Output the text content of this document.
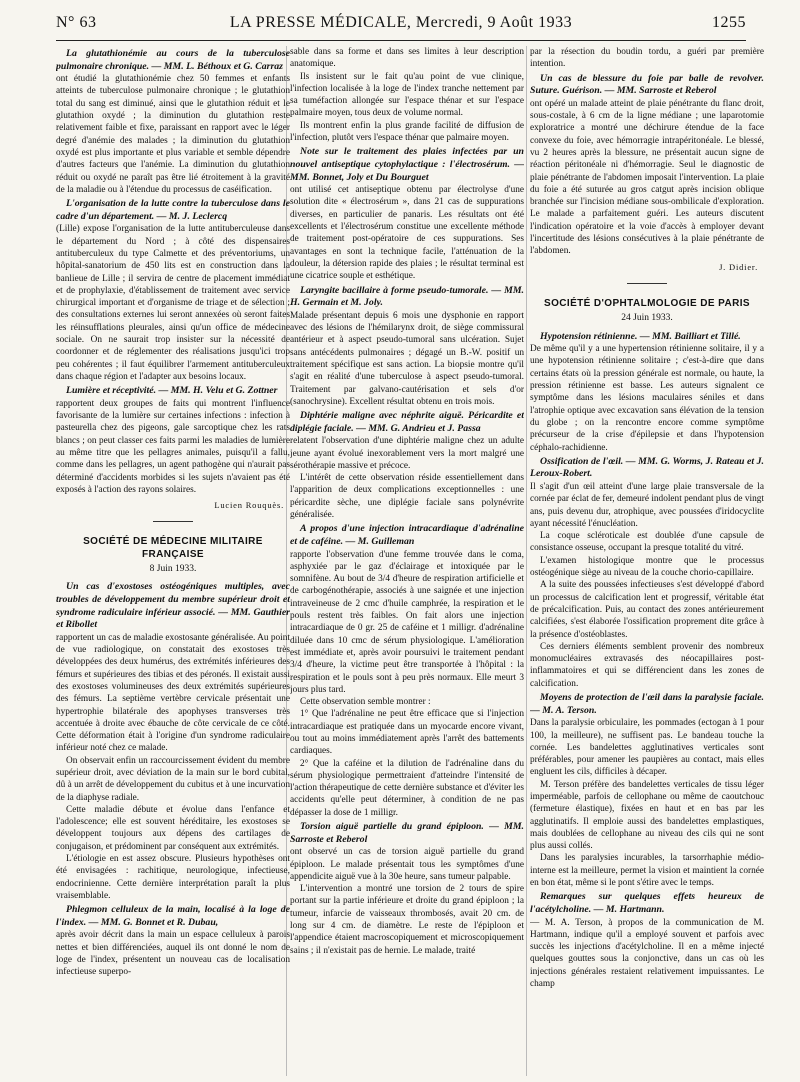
N° 63	LA PRESSE MÉDICALE, Mercredi, 9 Août 1933	1255

La glutathionémie au cours de la tuberculose pulmonaire chronique. — MM. L. Béthoux et G. Carraz

ont étudié la glutathionémie chez 50 femmes et enfants atteints de tuberculose pulmonaire chronique ; le glutathion total du sang est diminué, ainsi que le glutathion réduit et le glutathion oxydé ; la diminution du glutathion reste relativement faible et fixe, paraissant en rapport avec le léger degré d'anémie des malades ; la diminution du glutathion oxydé est plus importante et plus variable et semble dépendre d'autres facteurs que l'anémie. La diminution du glutathion réduit ou oxydé ne paraît pas être lié étroitement à la gravité de la maladie ou à l'étendue du processus de caséification.

L'organisation de la lutte contre la tuberculose dans le cadre d'un département. — M. J. Leclercq

(Lille) expose l'organisation de la lutte antituberculeuse dans le département du Nord ; à côté des dispensaires antituberculeux du type Calmette et des préventoriums, un hôpital-sanatorium de 450 lits est en construction dans la banlieue de Lille ; il servira de centre de placement immédiat et de prophylaxie, d'établissement de traitement avec service chirurgical important et d'organisme de triage et de sélection ; des consultations externes lui seront annexées où seront faites les réinsufflations pleurales, ainsi qu'un office de médecine sociale. On ne saurait trop insister sur la nécessité de coordonner et de réglementer des réalisations jusqu'ici trop peu cohérentes ; il faut équilibrer l'armement antituberculeux dans chaque région et l'adapter aux besoins locaux.

Lumière et réceptivité. — MM. H. Velu et G. Zottner

rapportent deux groupes de faits qui montrent l'influence favorisante de la lumière sur certaines infections : infection à pasteurella chez des pigeons, gale sarcoptique chez les rats blancs ; on peut classer ces faits parmi les maladies de lumière au même titre que les pellagres animales, puisqu'il a fallu, comme dans les pellagres, un agent pathogène qui n'aurait pas déterminé d'accidents morbides si les sujets n'avaient pas été exposés à l'action des rayons solaires.

Lucien Rouquès.
SOCIÉTÉ DE MÉDECINE MILITAIRE FRANÇAISE
8 Juin 1933.

Un cas d'exostoses ostéogéniques multiples, avec troubles de développement du membre supérieur droit et syndrome radiculaire inférieur associé. — MM. Gauthier et Ribollet

rapportent un cas de maladie exostosante généralisée. Au point de vue radiologique, on constatait des exostoses très développées des deux humérus, des extrémités inférieures des fémurs et supérieures des tibias et des péronés. Il existait aussi des exostoses volumineuses des deux extrémités supérieures des fémurs. La septième vertèbre cervicale présentait une hypertrophie bilatérale des apophyses transverses très accentuée à droite avec ébauche de côte cervicale de ce côté. Cette déformation était à l'origine d'un syndrome radiculaire inférieur noté chez ce malade.

On observait enfin un raccourcissement évident du membre supérieur droit, avec déviation de la main sur le bord cubital, dû à un arrêt de développement du cubitus et à une incurvation de la diaphyse radiale.

Cette maladie débute et évolue dans l'enfance et l'adolescence; elle est souvent héréditaire, les exostoses se développent toujours aux dépens des cartilages de conjugaison, et prédominent par conséquent aux extrémités.

L'étiologie en est assez obscure. Plusieurs hypothèses ont été envisagées : rachitique, neurologique, infectieuse, endocrinienne. Cette dernière interprétation paraît la plus vraisemblable.

Phlegmon celluleux de la main, localisé à la loge de l'index. — MM. G. Bonnet et R. Dubau,

après avoir décrit dans la main un espace celluleux à parois nettes et bien différenciées, auquel ils ont donné le nom de loge de l'index, présentent un nouveau cas de localisation infectieuse superpo-

sable dans sa forme et dans ses limites à leur description anatomique.

Ils insistent sur le fait qu'au point de vue clinique, l'infection localisée à la loge de l'index tranche nettement par sa tuméfaction allongée sur l'espace thénar et sur l'espace palmaire moyen, tous deux de volume normal.

Ils montrent enfin la plus grande facilité de diffusion de l'infection, plutôt vers l'espace thénar que palmaire moyen.

Note sur le traitement des plaies infectées par un nouvel antiseptique cytophylactique : l'électrosérum. — MM. Bonnet, Joly et Du Bourguet

ont utilisé cet antiseptique obtenu par électrolyse d'une solution dite « électrosérum », dans 21 cas de suppurations diverses, en particulier de panaris. Les résultats ont été excellents et l'électrosérum constitue une excellente méthode de traitement post-opératoire de ces suppurations. Ses avantages en sont la technique facile, l'atténuation de la douleur, la détersion rapide des plaies ; le résultat terminal est une cicatrice souple et esthétique.

Laryngite bacillaire à forme pseudo-tumorale. — MM. H. Germain et M. Joly.

Malade présentant depuis 6 mois une dysphonie en rapport avec des lésions de l'hémilarynx droit, de siège commissural antérieur et à aspect pseudo-tumoral sans ulcération. Sujet sans antécédents pulmonaires ; dégagé un B.-W. positif un traitement spécifique est sans action. La biopsie montre qu'il s'agit en réalité d'une tuberculose à aspect pseudo-tumoral. Traitement par galvano-cautérisation et sels d'or (sanochrysine). Excellent résultat obtenu en trois mois.

Diphtérie maligne avec néphrite aiguë. Péricardite et diplégie faciale. — MM. G. Andrieu et J. Passa

relatent l'observation d'une diphtérie maligne chez un adulte jeune ayant évolué inexorablement vers la mort malgré une sérothérapie massive et précoce.

L'intérêt de cette observation réside essentiellement dans l'apparition de deux complications exceptionnelles : une péricardite sèche, une diplégie faciale sans polynévrite généralisée.

A propos d'une injection intracardiaque d'adrénaline et de caféine. — M. Guilleman

rapporte l'observation d'une femme trouvée dans le coma, asphyxiée par le gaz d'éclairage et intoxiquée par le somnifène. Au bout de 3/4 d'heure de respiration artificielle et de carbogénothérapie, associés à une saignée et une injection intraveineuse de 2 cmc d'huile camphrée, la respiration et le pouls restent très faibles. On fait alors une injection intracardiaque de 0 gr. 25 de caféine et 1 milligr. d'adrénaline diluée dans 10 cmc de sérum physiologique. L'amélioration est immédiate et, après avoir poursuivi le traitement pendant 3/4 d'heure, la victime peut être transportée à l'hôpital : la respiration et le pouls sont à peu près normaux. Elle meurt 3 jours plus tard.

Cette observation semble montrer :

1° Que l'adrénaline ne peut être efficace que si l'injection intracardiaque est pratiquée dans un myocarde encore vivant, ou tout au moins immédiatement après l'arrêt des battements cardiaques.

2° Que la caféine et la dilution de l'adrénaline dans du sérum physiologique permettraient d'atteindre l'intensité de l'action thérapeutique de cette dernière substance et d'éviter les accidents qu'elle peut déterminer, à condition de ne pas dépasser la dose de 1 milligr.

Torsion aiguë partielle du grand épiploon. — MM. Sarroste et Reberol

ont observé un cas de torsion aiguë partielle du grand épiploon. Le malade présentait tous les symptômes d'une appendicite aiguë vue à la 30e heure, sans tumeur palpable.

L'intervention a montré une torsion de 2 tours de spire portant sur la partie inférieure et droite du grand épiploon ; la tumeur, infarcie de vaisseaux thrombosés, avait 20 cm. de long sur 4 cm. de diamètre. Le reste de l'épiploon et l'appendice étaient macroscopiquement et microscopiquement sains ; il n'existait pas de hernie. Le malade, traité

par la résection du boudin tordu, a guéri par première intention.

Un cas de blessure du foie par balle de revolver. Suture. Guérison. — MM. Sarroste et Reberol

ont opéré un malade atteint de plaie pénétrante du flanc droit, sous-costale, à 6 cm de la ligne médiane ; une laparotomie exploratrice a montré une déchirure étendue de la face convexe du foie, avec hémorragie intrapéritonéale. Le blessé, vu 2 heures après la blessure, ne présentait aucun signe de réaction péritonéale ni d'hémorragie. Seul le diagnostic de plaie pénétrante de l'abdomen imposait l'intervention. La plaie du foie a été suturée au gros catgut après incision oblique branchée sur l'incision médiane sous-ombilicale d'exploration. Le malade a parfaitement guéri. Les auteurs discutent l'indication opératoire et la voie d'accès à employer devant l'incertitude des lésions consécutives à la plaie pénétrante de l'abdomen.

J. Didier.
SOCIÉTÉ D'OPHTALMOLOGIE DE PARIS
24 Juin 1933.

Hypotension rétinienne. — MM. Bailliart et Tillé.

De même qu'il y a une hypertension rétinienne solitaire, il y a une hypotension rétinienne solitaire ; c'est-à-dire que dans certains états où la pression générale est normale, ou haute, la pression rétinienne est basse. Les auteurs signalent ce symptôme dans les lésions maculaires séniles et dans l'atrophie optique avec excavation sans élévation de la tension du globe ; on la rencontre encore comme symptôme précurseur de la crise d'épilepsie et dans l'hypotension céphalo-rachidienne.

Ossification de l'œil. — MM. G. Worms, J. Rateau et J. Leroux-Robert.

Il s'agit d'un œil atteint d'une large plaie transversale de la cornée par éclat de fer, demeuré indolent pendant plus de vingt ans, puis devenu dur, atrophique, avec poussées d'iridocyclite ayant nécessité l'énucléation.

La coque scléroticale est doublée d'une capsule de consistance osseuse, occupant la presque totalité du vitré.

L'examen histologique montre que le processus ostéogénique siège au niveau de la couche chorio-capillaire.

A la suite des poussées infectieuses s'est développé d'abord un processus de calcification lent et progressif, véritable état de précalcification. Puis, au contact des zones antérieurement calcifiées, s'est élaborée l'ossification proprement dite grâce à la présence d'ostéoblastes.

Ces derniers éléments semblent provenir des nombreux monomucléaires extravasés des néocapillaires post-inflammatoires et qui se différencient dans les zones de calcification.

Moyens de protection de l'œil dans la paralysie faciale. — M. A. Terson.

Dans la paralysie orbiculaire, les pommades (ectogan à 1 pour 100, la meilleure), ne suffisent pas. Le bandeau touche la cornée. Les bandelettes agglutinatives verticales sont préférables, pour amener les paupières au contact, mais elles engluent les cils, difficiles à décaper.

M. Terson préfère des bandelettes verticales de tissu léger imperméable, parfois de cellophane ou même de caoutchouc (fermeture élastique), fixées en haut et en bas par les agglutinatifs. Il emploie aussi des bandelettes emplastiques, mais doublées de cellophane au niveau des cils qui ne sont plus aussi collés.

Dans les paralysies incurables, la tarsorrhaphie médio-interne est la meilleure, permet la vision et maintient la cornée en bon état, même si le pont s'étire avec le temps.

Remarques sur quelques effets heureux de l'acétylcholine. — M. Hartmann.

— M. A. Terson, à propos de la communication de M. Hartmann, indique qu'il a employé souvent et parfois avec succès les injections d'acétylcholine. Il en a même injecté quelques gouttes sous la conjonctive, dans un cas où les injections générales restaient relativement impuissantes. Le champ
